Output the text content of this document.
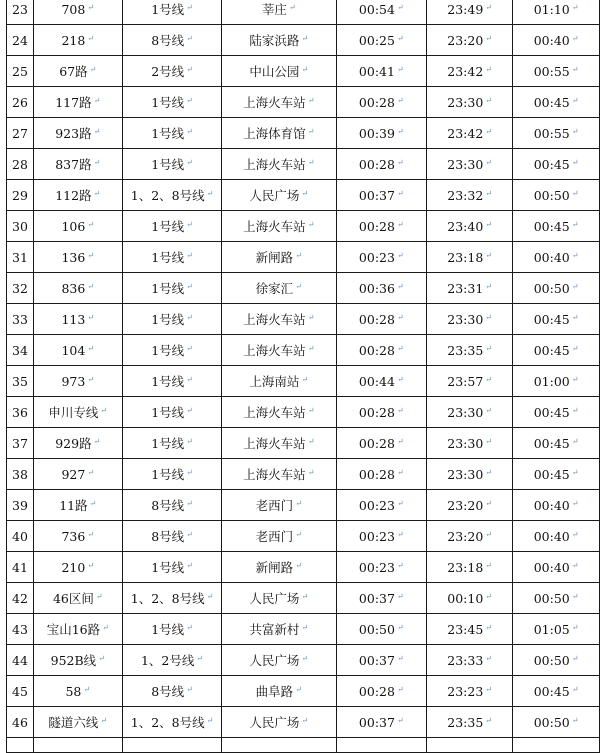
23	708 ↵	1号线 ↵	莘庄 ↵	00:54 ↵	23:49 ↵	01:10 ↵
24	218 ↵	8号线 ↵	陆家浜路 ↵	00:25 ↵	23:20 ↵	00:40 ↵
25	67路 ↵	2号线 ↵	中山公园 ↵	00:41 ↵	23:42 ↵	00:55 ↵
26	117路 ↵	1号线 ↵	上海火车站 ↵	00:28 ↵	23:30 ↵	00:45 ↵
27	923路 ↵	1号线 ↵	上海体育馆 ↵	00:39 ↵	23:42 ↵	00:55 ↵
28	837路 ↵	1号线 ↵	上海火车站 ↵	00:28 ↵	23:30 ↵	00:45 ↵
29	112路 ↵	1、2、8号线 ↵	人民广场 ↵	00:37 ↵	23:32 ↵	00:50 ↵
30	106 ↵	1号线 ↵	上海火车站 ↵	00:28 ↵	23:40 ↵	00:45 ↵
31	136 ↵	1号线 ↵	新闸路 ↵	00:23 ↵	23:18 ↵	00:40 ↵
32	836 ↵	1号线 ↵	徐家汇 ↵	00:36 ↵	23:31 ↵	00:50 ↵
33	113 ↵	1号线 ↵	上海火车站 ↵	00:28 ↵	23:30 ↵	00:45 ↵
34	104 ↵	1号线 ↵	上海火车站 ↵	00:28 ↵	23:35 ↵	00:45 ↵
35	973 ↵	1号线 ↵	上海南站 ↵	00:44 ↵	23:57 ↵	01:00 ↵
36	申川专线 ↵	1号线 ↵	上海火车站 ↵	00:28 ↵	23:30 ↵	00:45 ↵
37	929路 ↵	1号线 ↵	上海火车站 ↵	00:28 ↵	23:30 ↵	00:45 ↵
38	927 ↵	1号线 ↵	上海火车站 ↵	00:28 ↵	23:30 ↵	00:45 ↵
39	11路 ↵	8号线 ↵	老西门 ↵	00:23 ↵	23:20 ↵	00:40 ↵
40	736 ↵	8号线 ↵	老西门 ↵	00:23 ↵	23:20 ↵	00:40 ↵
41	210 ↵	1号线 ↵	新闸路 ↵	00:23 ↵	23:18 ↵	00:40 ↵
42	46区间 ↵	1、2、8号线 ↵	人民广场 ↵	00:37 ↵	00:10 ↵	00:50 ↵
43	宝山16路 ↵	1号线 ↵	共富新村 ↵	00:50 ↵	23:45 ↵	01:05 ↵
44	952B线 ↵	1、2号线 ↵	人民广场 ↵	00:37 ↵	23:33 ↵	00:50 ↵
45	58 ↵	8号线 ↵	曲阜路 ↵	00:28 ↵	23:23 ↵	00:45 ↵
46	隧道六线 ↵	1、2、8号线 ↵	人民广场 ↵	00:37 ↵	23:35 ↵	00:50 ↵
